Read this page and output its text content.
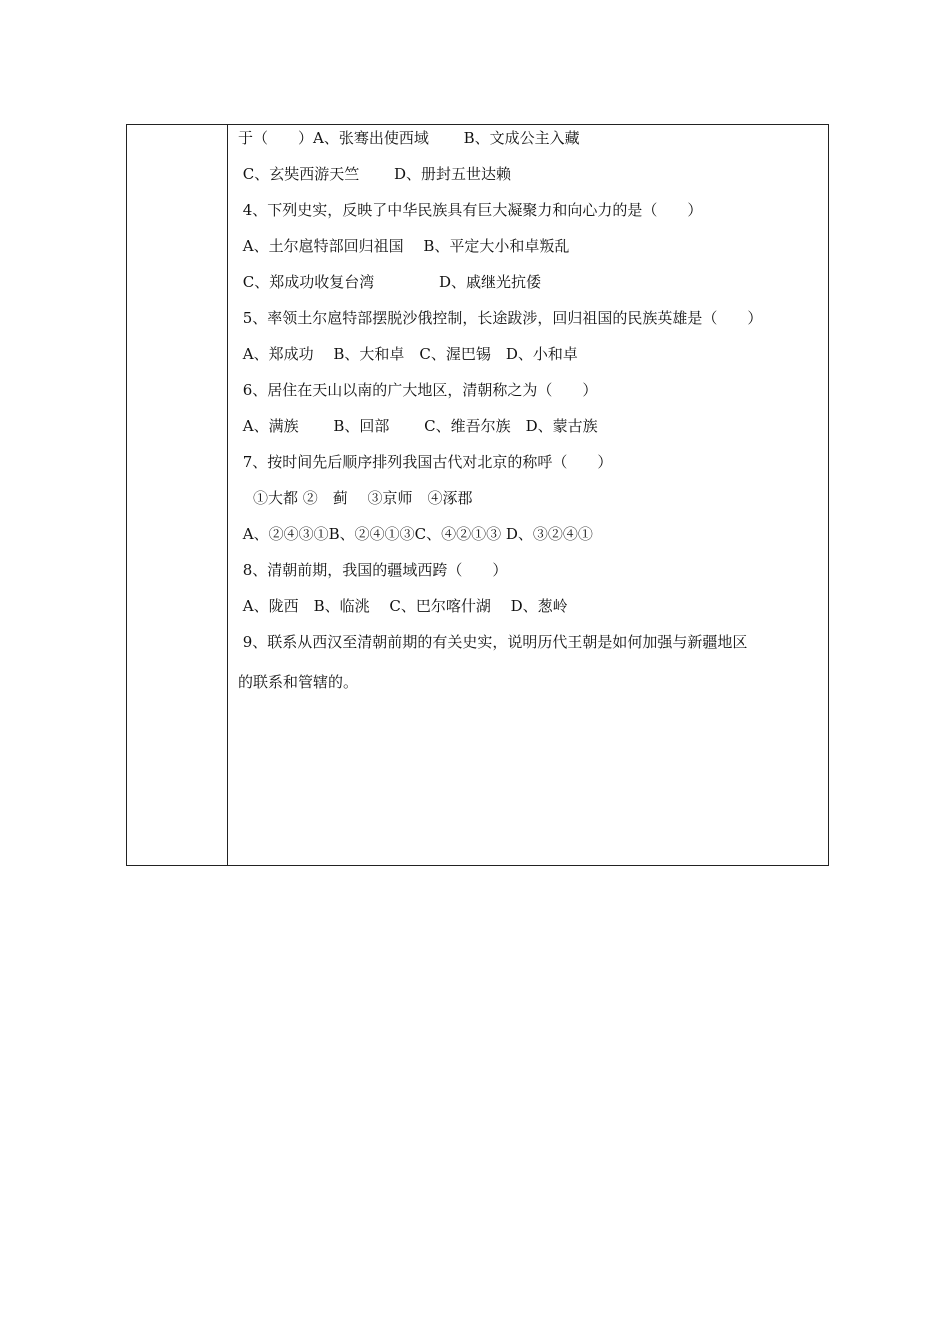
于（　　）A、张骞出使西域　　 B、文成公主入藏
C、玄奘西游天竺　　 D、册封五世达赖
4、下列史实，反映了中华民族具有巨大凝聚力和向心力的是（　　）
A、土尔扈特部回归祖国　 B、平定大小和卓叛乱
C、郑成功收复台湾　　　　 D、戚继光抗倭
5、率领土尔扈特部摆脱沙俄控制，长途跋涉，回归祖国的民族英雄是（　　）
A、郑成功　 B、大和卓　C、渥巴锡　D、小和卓
6、居住在天山以南的广大地区，清朝称之为（　　）
A、满族　　 B、回部　　 C、维吾尔族　D、蒙古族
7、按时间先后顺序排列我国古代对北京的称呼（　　）
　①大都 ②　蓟　 ③京师　④涿郡
A、②④③①B、②④①③C、④②①③ D、③②④①
8、清朝前期，我国的疆域西跨（　　）
A、陇西　B、临洮　 C、巴尔喀什湖　 D、葱岭
9、联系从西汉至清朝前期的有关史实，说明历代王朝是如何加强与新疆地区
的联系和管辖的。
